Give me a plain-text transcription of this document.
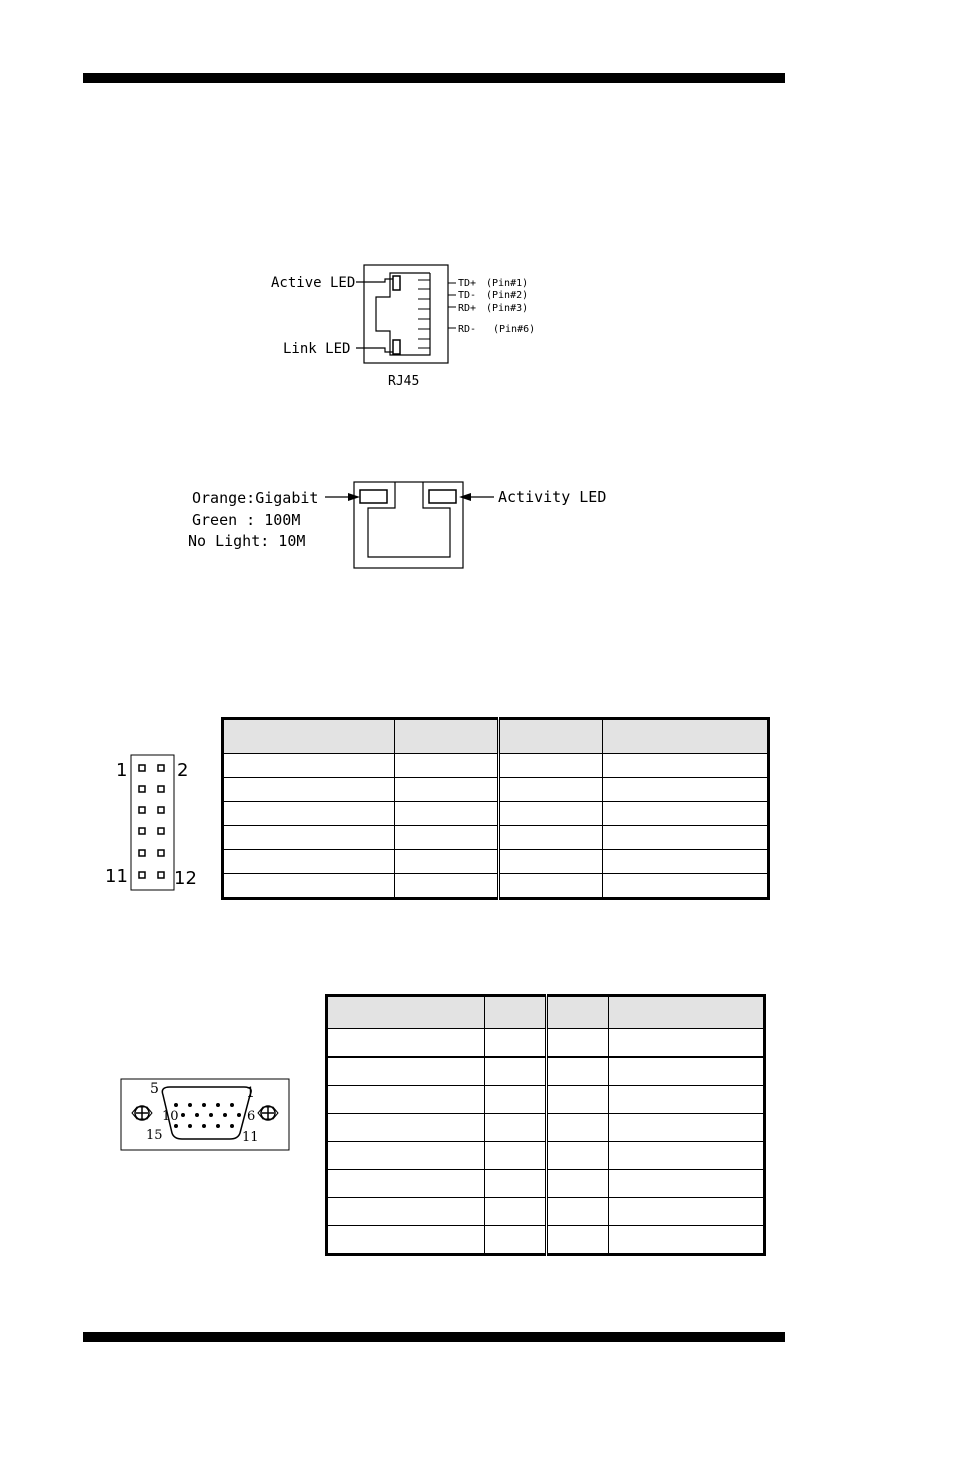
Active LED
Link LED
RJ45
TD+ (Pin#1)
TD- (Pin#2)
RD+ (Pin#3)
RD- (Pin#6)
Orange:Gigabit
Green : 100M
No Light: 10M
Activity LED
1	2
11	12

5	1
10	6
15	11
